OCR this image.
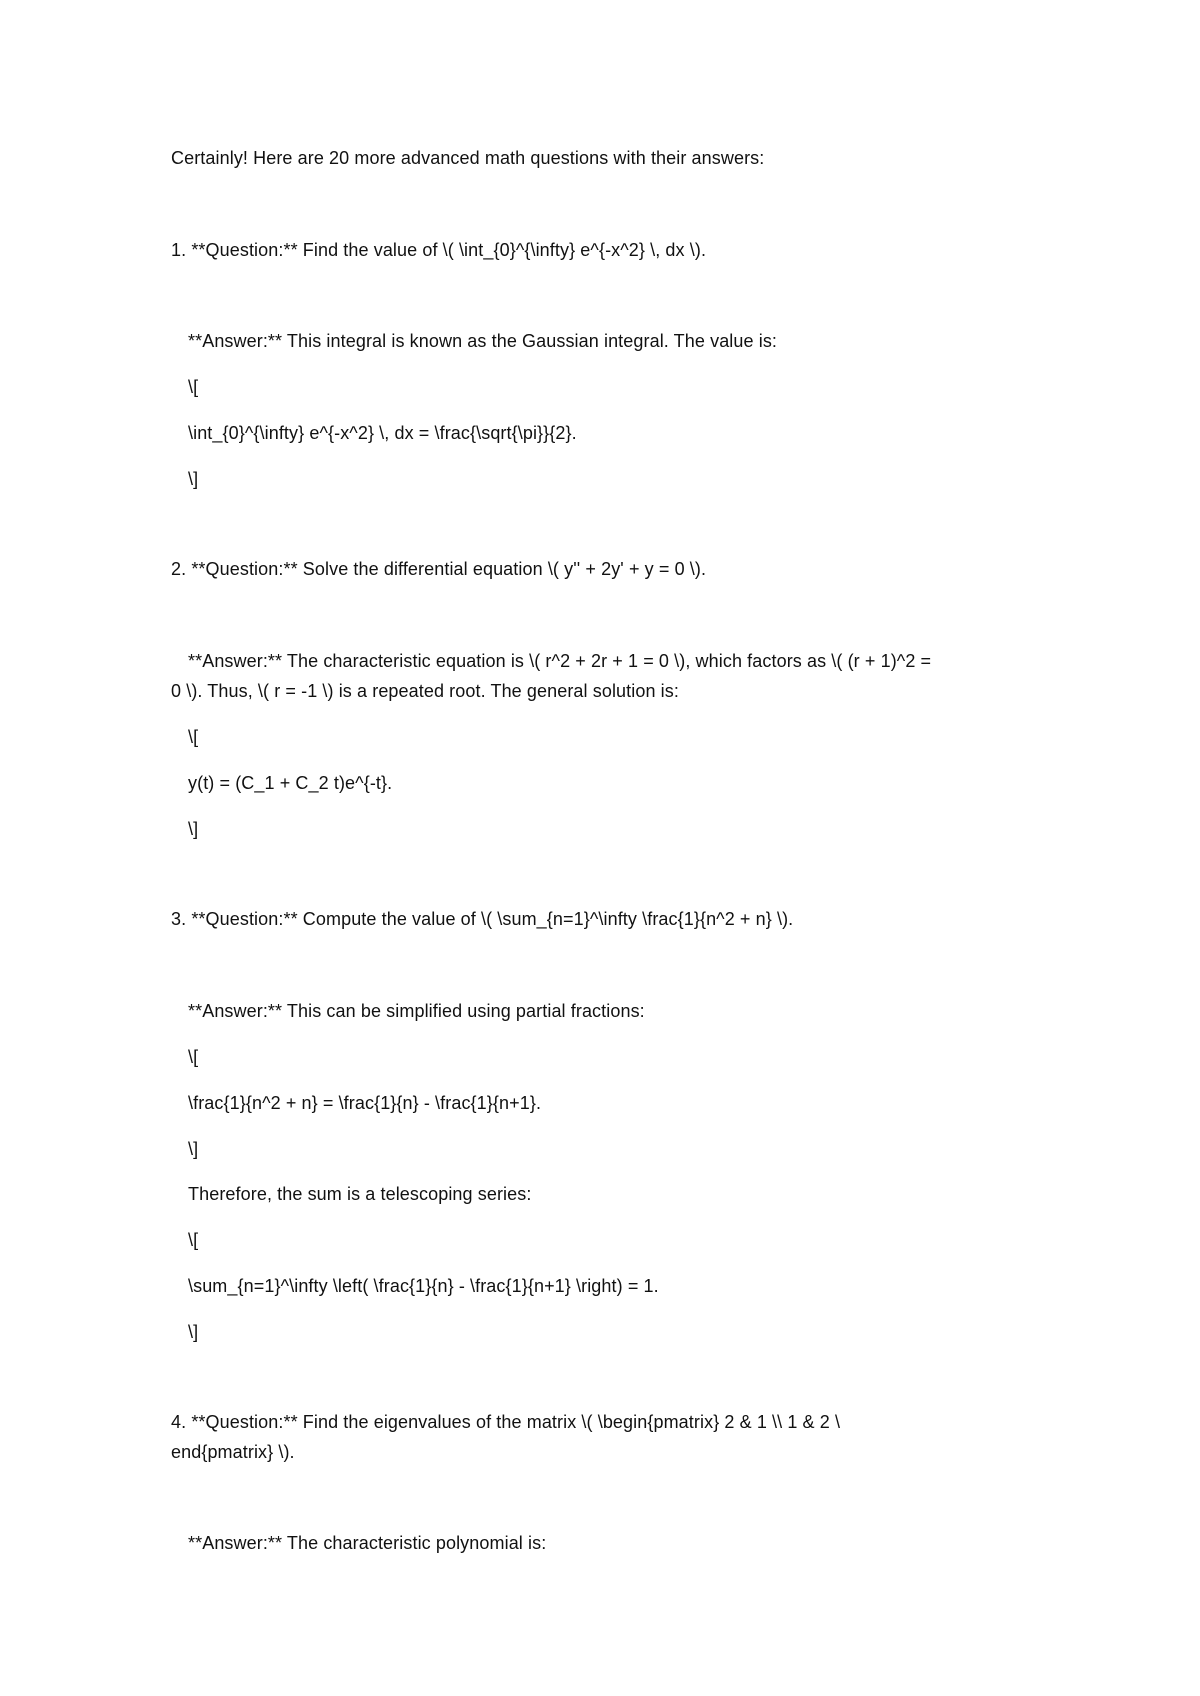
Certainly! Here are 20 more advanced math questions with their answers:
1. **Question:** Find the value of \( \int_{0}^{\infty} e^{-x^2} \, dx \).
**Answer:** This integral is known as the Gaussian integral. The value is:
\[
\int_{0}^{\infty} e^{-x^2} \, dx = \frac{\sqrt{\pi}}{2}.
\]
2. **Question:** Solve the differential equation \( y'' + 2y' + y = 0 \).
**Answer:** The characteristic equation is \( r^2 + 2r + 1 = 0 \), which factors as \( (r + 1)^2 =
0 \). Thus, \( r = -1 \) is a repeated root. The general solution is:
\[
y(t) = (C_1 + C_2 t)e^{-t}.
\]
3. **Question:** Compute the value of \( \sum_{n=1}^\infty \frac{1}{n^2 + n} \).
**Answer:** This can be simplified using partial fractions:
\[
\frac{1}{n^2 + n} = \frac{1}{n} - \frac{1}{n+1}.
\]
Therefore, the sum is a telescoping series:
\[
\sum_{n=1}^\infty \left( \frac{1}{n} - \frac{1}{n+1} \right) = 1.
\]
4. **Question:** Find the eigenvalues of the matrix \( \begin{pmatrix} 2 & 1 \\ 1 & 2 \
end{pmatrix} \).
**Answer:** The characteristic polynomial is:
